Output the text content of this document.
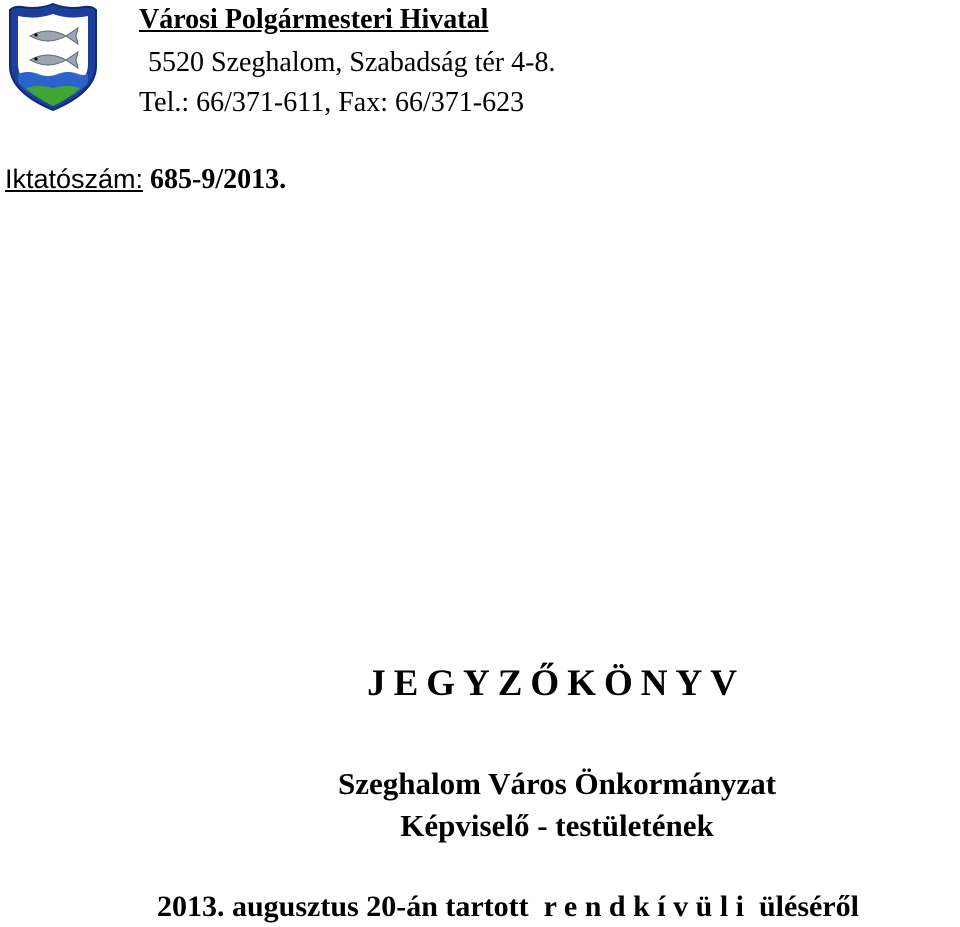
Városi Polgármesteri Hivatal
5520 Szeghalom, Szabadság tér 4-8.
Tel.: 66/371-611, Fax: 66/371-623
Iktatószám: 685-9/2013.
JEGYZŐKÖNYV
Szeghalom Város Önkormányzat
Képviselő - testületének
2013. augusztus 20-án tartott  r e n d k í v ü l i  üléséről
